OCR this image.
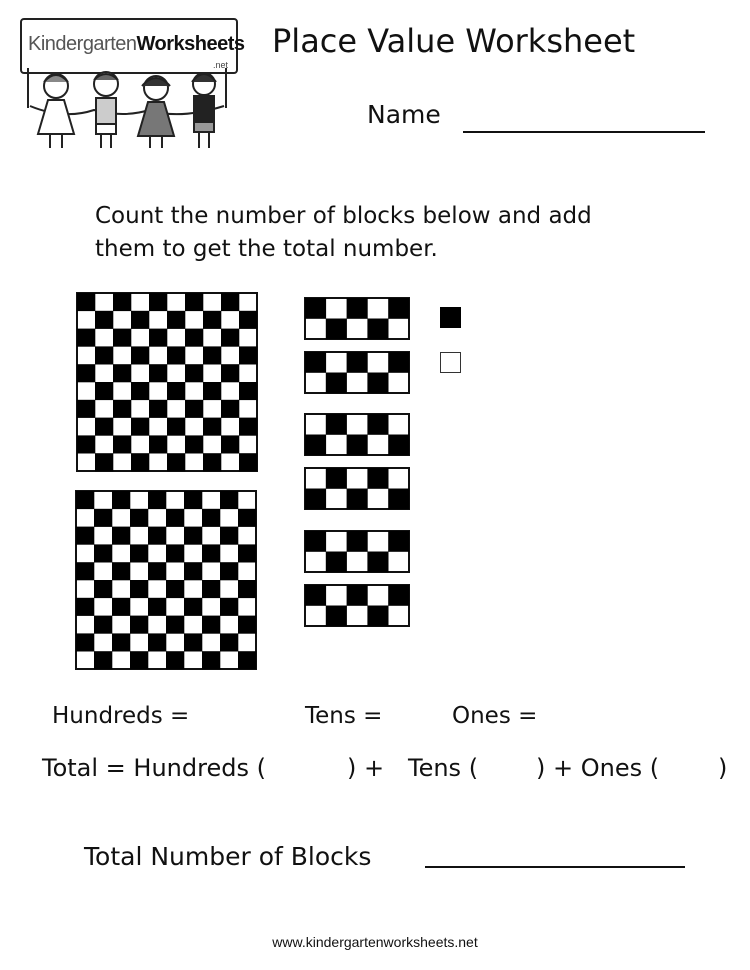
KindergartenWorksheets
.net
Place Value Worksheet
Name
Count the number of blocks below and add
them to get the total number.
Hundreds =	Tens =	Ones =
Total = Hundreds (	) + Tens ( ) + Ones ( )
Total Number of Blocks
www.kindergartenworksheets.net
